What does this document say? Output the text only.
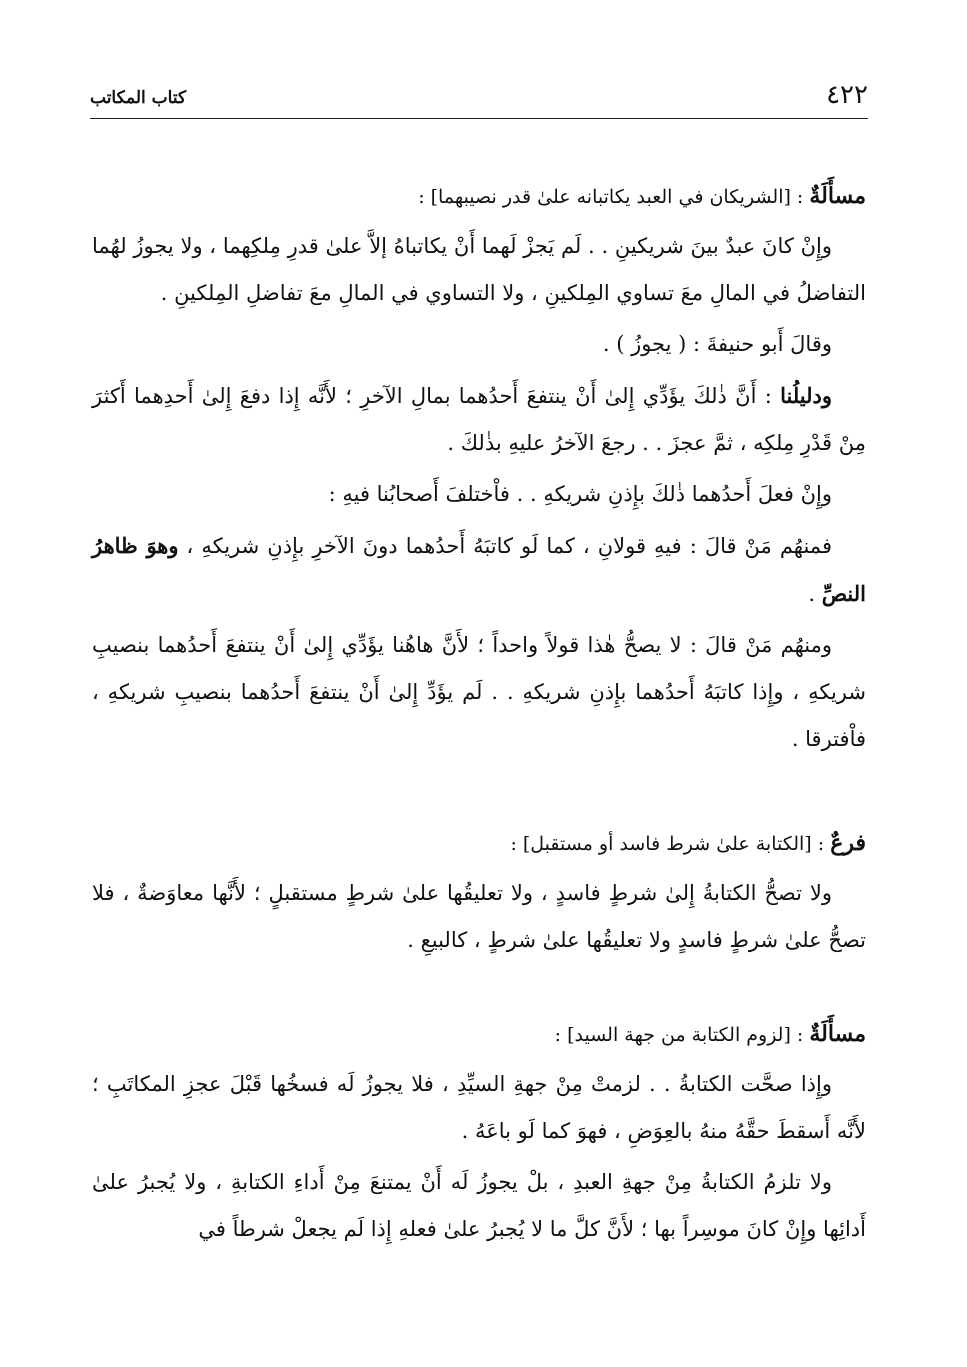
٤٢٢
كتاب المكاتب
مسأَلَةٌ : [الشريكان في العبد يكاتبانه علىٰ قدر نصيبهما] :

وإِنْ كانَ عبدٌ بينَ شريكينِ . . لَم يَجزْ لَهما أَنْ يكاتباهُ إلاَّ علىٰ قدرِ مِلكِهما ، ولا يجوزُ لهُما التفاضلُ في المالِ معَ تساوي المِلكينِ ، ولا التساوي في المالِ معَ تفاضلِ المِلكينِ .

وقالَ أَبو حنيفةَ : ( يجوزُ ) .

ودليلُنا : أَنَّ ذٰلكَ يؤَدِّي إِلىٰ أَنْ ينتفعَ أَحدُهما بمالِ الآخرِ ؛ لأَنَّه إِذا دفعَ إِلىٰ أَحدِهما أَكثرَ مِنْ قَدْرِ مِلكِه ، ثمَّ عجزَ . . رجعَ الآخرُ عليهِ بذٰلكَ .

وإِنْ فعلَ أَحدُهما ذٰلكَ بإِذنِ شريكهِ . . فاْختلفَ أَصحابُنا فيهِ :

فمنهُم مَنْ قالَ : فيهِ قولانِ ، كما لَو كاتبَهُ أَحدُهما دونَ الآخرِ بإِذنِ شريكهِ ، وهوَ ظاهرُ النصِّ .

ومنهُم مَنْ قالَ : لا يصحُّ هٰذا قولاً واحداً ؛ لأَنَّ هاهُنا يؤَدِّي إِلىٰ أَنْ ينتفعَ أَحدُهما بنصيبِ شريكهِ ، وإِذا كاتبَهُ أَحدُهما بإِذنِ شريكهِ . . لَم يؤَدِّ إِلىٰ أَنْ ينتفعَ أَحدُهما بنصيبِ شريكهِ ، فاْفترقا .

فرعٌ : [الكتابة علىٰ شرط فاسد أو مستقبل] :

ولا تصحُّ الكتابةُ إِلىٰ شرطٍ فاسدٍ ، ولا تعليقُها علىٰ شرطٍ مستقبلٍ ؛ لأَنَّها معاوَضةٌ ، فلا تصحُّ علىٰ شرطٍ فاسدٍ ولا تعليقُها علىٰ شرطٍ ، كالبيعِ .

مسأَلَةٌ : [لزوم الكتابة من جهة السيد] :

وإِذا صحَّت الكتابةُ . . لزمتْ مِنْ جهةِ السيِّدِ ، فلا يجوزُ لَه فسخُها قَبْلَ عجزِ المكاتَبِ ؛ لأَنَّه أَسقطَ حقَّهُ منهُ بالعِوَضِ ، فهوَ كما لَو باعَهُ .

ولا تلزمُ الكتابةُ مِنْ جهةِ العبدِ ، بلْ يجوزُ لَه أَنْ يمتنعَ مِنْ أَداءِ الكتابةِ ، ولا يُجبرُ علىٰ أَدائِها وإِنْ كانَ موسِراً بها ؛ لأَنَّ كلَّ ما لا يُجبرُ علىٰ فعلهِ إِذا لَم يجعلْ شرطاً في
